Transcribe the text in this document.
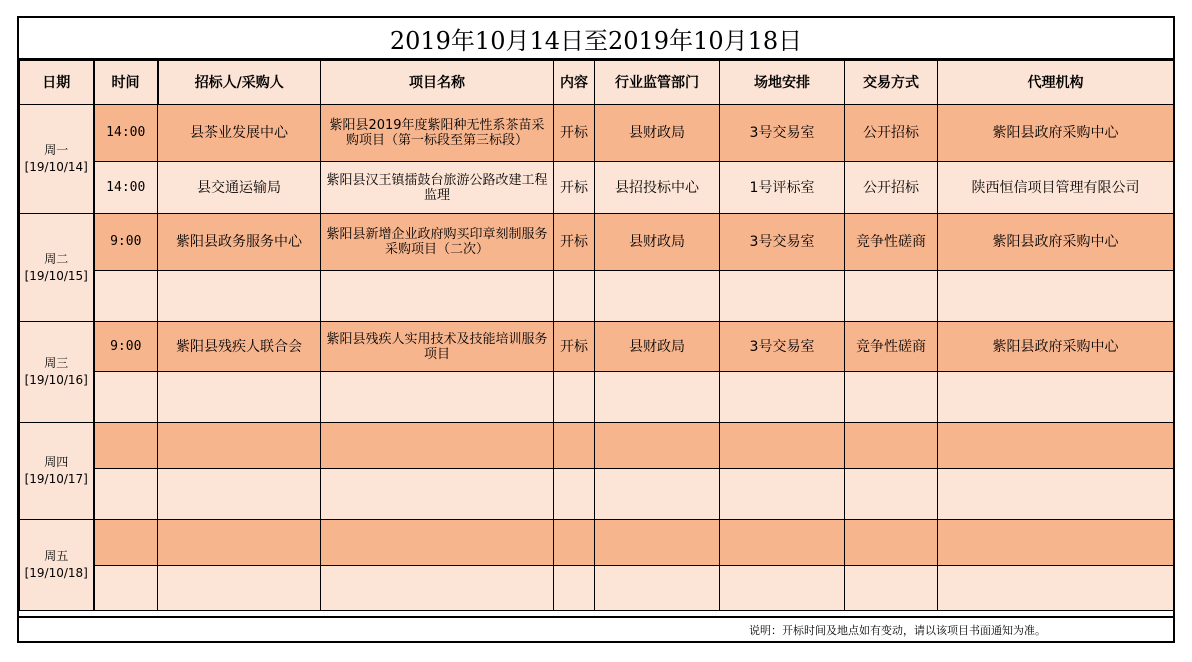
2019年10月14日至2019年10月18日
日期	时间	招标人/采购人	项目名称	内容	行业监管部门	场地安排	交易方式	代理机构

周一
[19/10/14]	14:00	县茶业发展中心	紫阳县2019年度紫阳种无性系茶苗采购项目（第一标段至第三标段）	开标	县财政局	3号交易室	公开招标	紫阳县政府采购中心
	14:00	县交通运输局	紫阳县汉王镇擂鼓台旅游公路改建工程监理	开标	县招投标中心	1号评标室	公开招标	陕西恒信项目管理有限公司

周二
[19/10/15]	9:00	紫阳县政务服务中心	紫阳县新增企业政府购买印章刻制服务采购项目（二次）	开标	县财政局	3号交易室	竞争性磋商	紫阳县政府采购中心

周三
[19/10/16]	9:00	紫阳县残疾人联合会	紫阳县残疾人实用技术及技能培训服务项目	开标	县财政局	3号交易室	竞争性磋商	紫阳县政府采购中心

周四
[19/10/17]								

周五
[19/10/18]								

说明：开标时间及地点如有变动，请以该项目书面通知为准。
